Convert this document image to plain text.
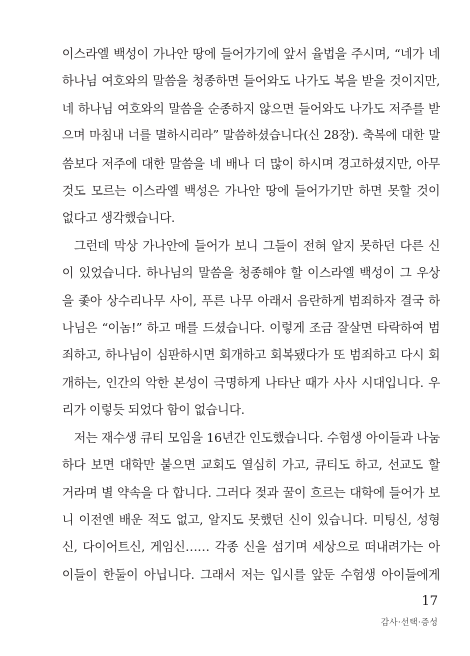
이스라엘 백성이 가나안 땅에 들어가기에 앞서 율법을 주시며, “네가 네
하나님 여호와의 말씀을 청종하면 들어와도 나가도 복을 받을 것이지만,
네 하나님 여호와의 말씀을 순종하지 않으면 들어와도 나가도 저주를 받
으며 마침내 너를 멸하시리라” 말씀하셨습니다(신 28장). 축복에 대한 말
씀보다 저주에 대한 말씀을 네 배나 더 많이 하시며 경고하셨지만, 아무
것도 모르는 이스라엘 백성은 가나안 땅에 들어가기만 하면 못할 것이
없다고 생각했습니다.
그런데 막상 가나안에 들어가 보니 그들이 전혀 알지 못하던 다른 신
이 있었습니다. 하나님의 말씀을 청종해야 할 이스라엘 백성이 그 우상
을 좇아 상수리나무 사이, 푸른 나무 아래서 음란하게 범죄하자 결국 하
나님은 “이놈!” 하고 매를 드셨습니다. 이렇게 조금 잘살면 타락하여 범
죄하고, 하나님이 심판하시면 회개하고 회복됐다가 또 범죄하고 다시 회
개하는, 인간의 악한 본성이 극명하게 나타난 때가 사사 시대입니다. 우
리가 이렇듯 되었다 함이 없습니다.
저는 재수생 큐티 모임을 16년간 인도했습니다. 수험생 아이들과 나눔
하다 보면 대학만 붙으면 교회도 열심히 가고, 큐티도 하고, 선교도 할
거라며 별 약속을 다 합니다. 그러다 젖과 꿀이 흐르는 대학에 들어가 보
니 이전엔 배운 적도 없고, 알지도 못했던 신이 있습니다. 미팅신, 성형
신, 다이어트신, 게임신…… 각종 신을 섬기며 세상으로 떠내려가는 아
이들이 한둘이 아닙니다. 그래서 저는 입시를 앞둔 수험생 아이들에게
17
감사·선택·증성
